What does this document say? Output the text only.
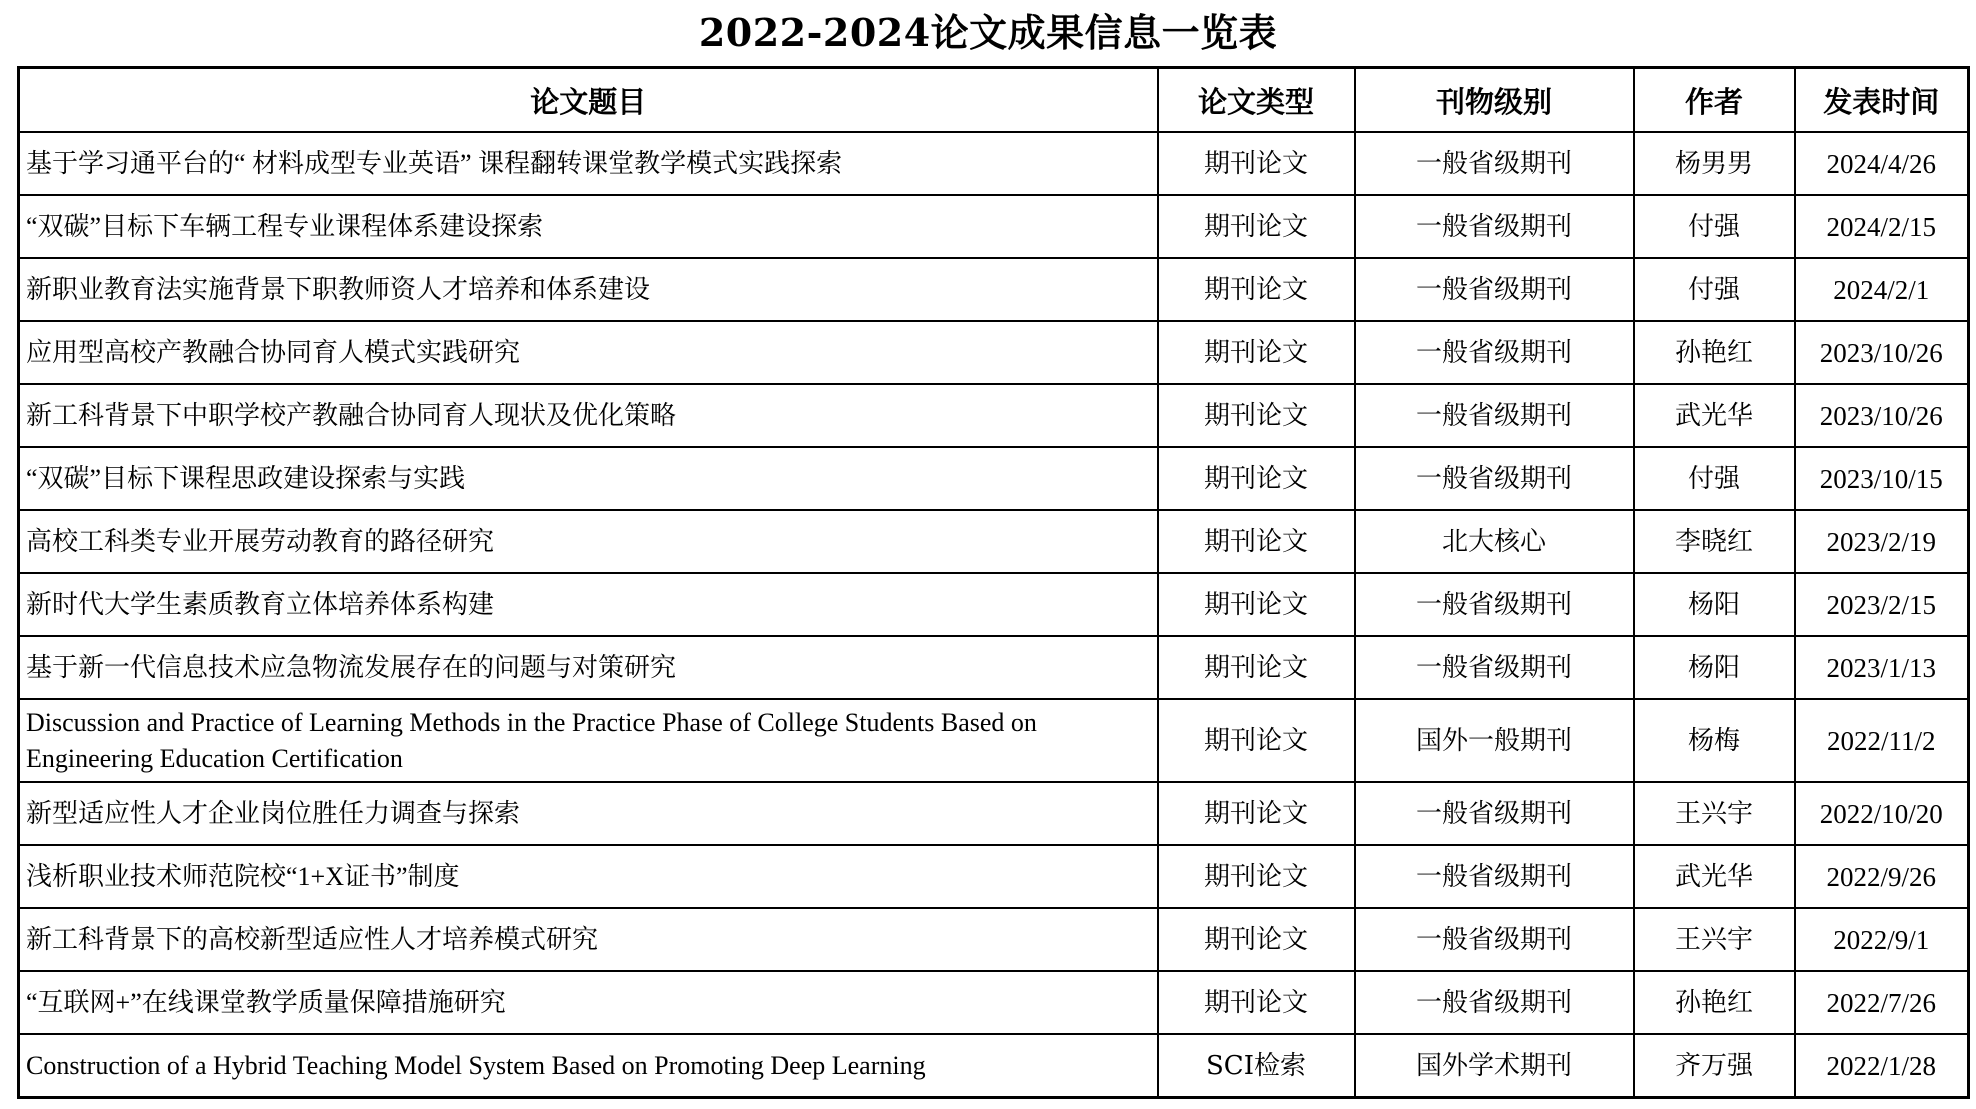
2022-2024论文成果信息一览表
论文题目	论文类型	刊物级别	作者	发表时间
基于学习通平台的“ 材料成型专业英语” 课程翻转课堂教学模式实践探索	期刊论文	一般省级期刊	杨男男	2024/4/26
“双碳”目标下车辆工程专业课程体系建设探索	期刊论文	一般省级期刊	付强	2024/2/15
新职业教育法实施背景下职教师资人才培养和体系建设	期刊论文	一般省级期刊	付强	2024/2/1
应用型高校产教融合协同育人模式实践研究	期刊论文	一般省级期刊	孙艳红	2023/10/26
新工科背景下中职学校产教融合协同育人现状及优化策略	期刊论文	一般省级期刊	武光华	2023/10/26
“双碳”目标下课程思政建设探索与实践	期刊论文	一般省级期刊	付强	2023/10/15
高校工科类专业开展劳动教育的路径研究	期刊论文	北大核心	李晓红	2023/2/19
新时代大学生素质教育立体培养体系构建	期刊论文	一般省级期刊	杨阳	2023/2/15
基于新一代信息技术应急物流发展存在的问题与对策研究	期刊论文	一般省级期刊	杨阳	2023/1/13
Discussion and Practice of Learning Methods in the Practice Phase of College Students Based on Engineering Education Certification	期刊论文	国外一般期刊	杨梅	2022/11/2
新型适应性人才企业岗位胜任力调查与探索	期刊论文	一般省级期刊	王兴宇	2022/10/20
浅析职业技术师范院校“1+X证书”制度	期刊论文	一般省级期刊	武光华	2022/9/26
新工科背景下的高校新型适应性人才培养模式研究	期刊论文	一般省级期刊	王兴宇	2022/9/1
“互联网+”在线课堂教学质量保障措施研究	期刊论文	一般省级期刊	孙艳红	2022/7/26
Construction of a Hybrid Teaching Model System Based on Promoting Deep Learning	SCI检索	国外学术期刊	齐万强	2022/1/28
